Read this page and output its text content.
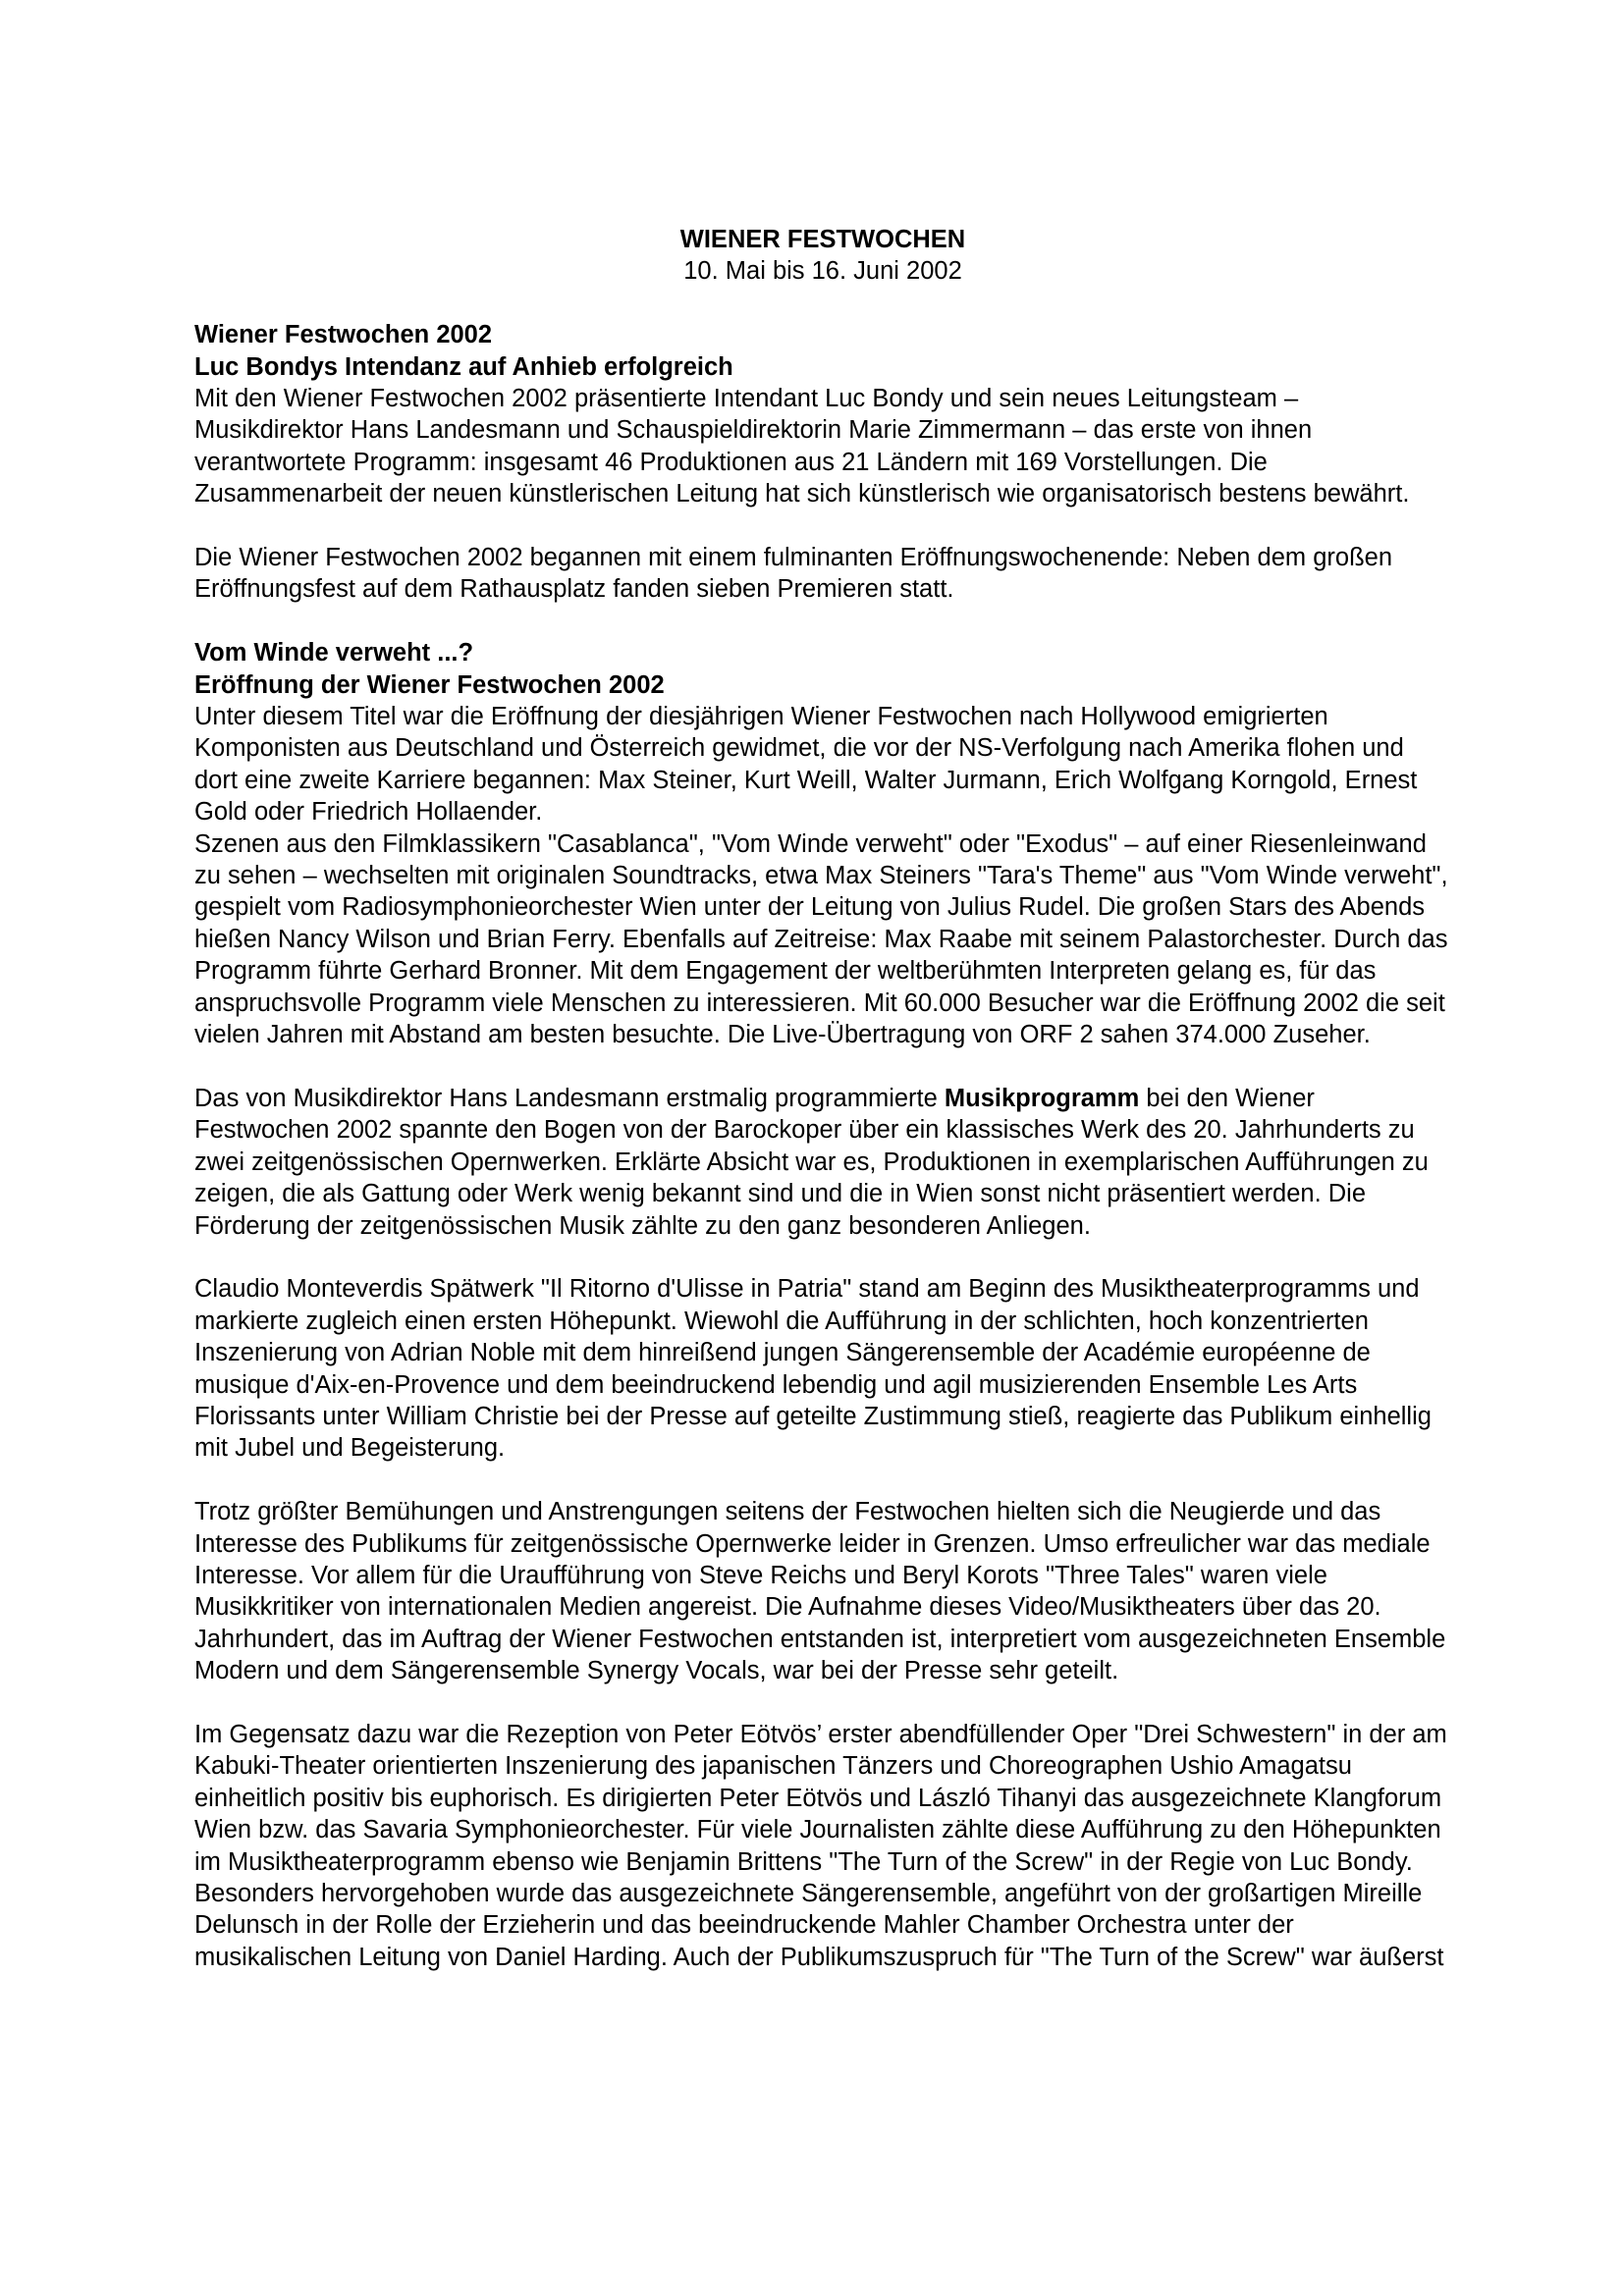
WIENER FESTWOCHEN
10. Mai bis 16. Juni 2002
Wiener Festwochen 2002
Luc Bondys Intendanz auf Anhieb erfolgreich

Mit den Wiener Festwochen 2002 präsentierte Intendant Luc Bondy und sein neues Leitungsteam – Musikdirektor Hans Landesmann und Schauspieldirektorin Marie Zimmermann – das erste von ihnen verantwortete Programm: insgesamt 46 Produktionen aus 21 Ländern mit 169 Vorstellungen. Die Zusammenarbeit der neuen künstlerischen Leitung hat sich künstlerisch wie organisatorisch bestens bewährt.

Die Wiener Festwochen 2002 begannen mit einem fulminanten Eröffnungswochenende: Neben dem großen Eröffnungsfest auf dem Rathausplatz fanden sieben Premieren statt.

Vom Winde verweht ...?
Eröffnung der Wiener Festwochen 2002

Unter diesem Titel war die Eröffnung der diesjährigen Wiener Festwochen nach Hollywood emigrierten Komponisten aus Deutschland und Österreich gewidmet, die vor der NS-Verfolgung nach Amerika flohen und dort eine zweite Karriere begannen: Max Steiner, Kurt Weill, Walter Jurmann, Erich Wolfgang Korngold, Ernest Gold oder Friedrich Hollaender.

Szenen aus den Filmklassikern "Casablanca", "Vom Winde verweht" oder "Exodus" – auf einer Riesenleinwand zu sehen – wechselten mit originalen Soundtracks, etwa Max Steiners "Tara's Theme" aus "Vom Winde verweht", gespielt vom Radiosymphonieorchester Wien unter der Leitung von Julius Rudel. Die großen Stars des Abends hießen Nancy Wilson und Brian Ferry. Ebenfalls auf Zeitreise: Max Raabe mit seinem Palastorchester. Durch das Programm führte Gerhard Bronner. Mit dem Engagement der weltberühmten Interpreten gelang es, für das anspruchsvolle Programm viele Menschen zu interessieren. Mit 60.000 Besucher war die Eröffnung 2002 die seit vielen Jahren mit Abstand am besten besuchte. Die Live-Übertragung von ORF 2 sahen 374.000 Zuseher.

Das von Musikdirektor Hans Landesmann erstmalig programmierte Musikprogramm bei den Wiener Festwochen 2002 spannte den Bogen von der Barockoper über ein klassisches Werk des 20. Jahrhunderts zu zwei zeitgenössischen Opernwerken. Erklärte Absicht war es, Produktionen in exemplarischen Aufführungen zu zeigen, die als Gattung oder Werk wenig bekannt sind und die in Wien sonst nicht präsentiert werden. Die Förderung der zeitgenössischen Musik zählte zu den ganz besonderen Anliegen.

Claudio Monteverdis Spätwerk "Il Ritorno d'Ulisse in Patria" stand am Beginn des Musiktheaterprogramms und markierte zugleich einen ersten Höhepunkt. Wiewohl die Aufführung in der schlichten, hoch konzentrierten Inszenierung von Adrian Noble mit dem hinreißend jungen Sängerensemble der Académie européenne de musique d'Aix-en-Provence und dem beeindruckend lebendig und agil musizierenden Ensemble Les Arts Florissants unter William Christie bei der Presse auf geteilte Zustimmung stieß, reagierte das Publikum einhellig mit Jubel und Begeisterung.

Trotz größter Bemühungen und Anstrengungen seitens der Festwochen hielten sich die Neugierde und das Interesse des Publikums für zeitgenössische Opernwerke leider in Grenzen. Umso erfreulicher war das mediale Interesse. Vor allem für die Uraufführung von Steve Reichs und Beryl Korots "Three Tales" waren viele Musikkritiker von internationalen Medien angereist. Die Aufnahme dieses Video/Musiktheaters über das 20. Jahrhundert, das im Auftrag der Wiener Festwochen entstanden ist, interpretiert vom ausgezeichneten Ensemble Modern und dem Sängerensemble Synergy Vocals, war bei der Presse sehr geteilt.

Im Gegensatz dazu war die Rezeption von Peter Eötvös’ erster abendfüllender Oper "Drei Schwestern" in der am Kabuki-Theater orientierten Inszenierung des japanischen Tänzers und Choreographen Ushio Amagatsu einheitlich positiv bis euphorisch. Es dirigierten Peter Eötvös und László Tihanyi das ausgezeichnete Klangforum Wien bzw. das Savaria Symphonieorchester. Für viele Journalisten zählte diese Aufführung zu den Höhepunkten im Musiktheaterprogramm ebenso wie Benjamin Brittens "The Turn of the Screw" in der Regie von Luc Bondy. Besonders hervorgehoben wurde das ausgezeichnete Sängerensemble, angeführt von der großartigen Mireille Delunsch in der Rolle der Erzieherin und das beeindruckende Mahler Chamber Orchestra unter der musikalischen Leitung von Daniel Harding. Auch der Publikumszuspruch für "The Turn of the Screw" war äußerst
